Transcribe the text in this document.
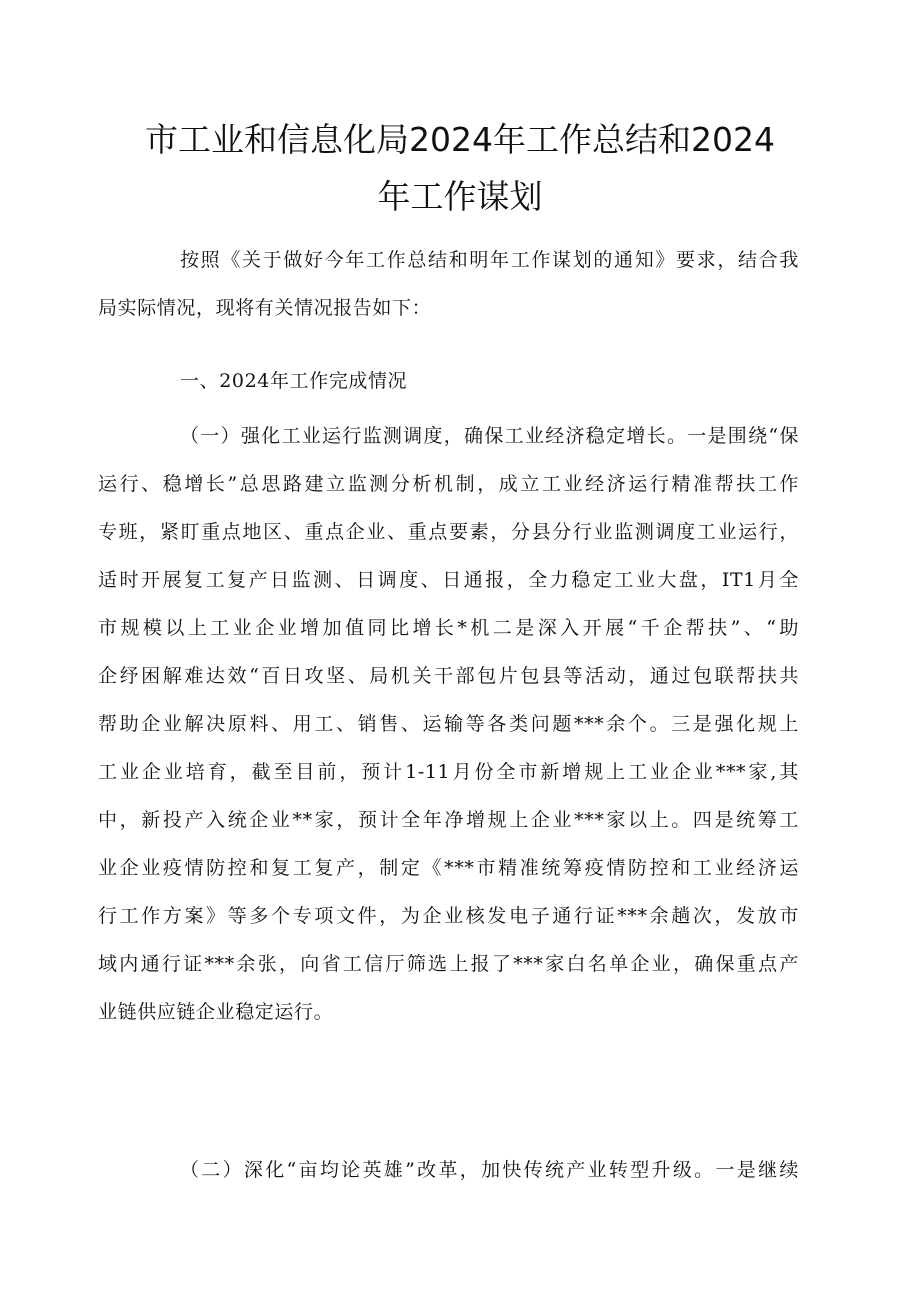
市工业和信息化局2024年工作总结和2024
年工作谋划
按照《关于做好今年工作总结和明年工作谋划的通知》要求，结合我
局实际情况，现将有关情况报告如下：
一、2024年工作完成情况
（一）强化工业运行监测调度，确保工业经济稳定增长。一是围绕“保
运行、稳增长”总思路建立监测分析机制，成立工业经济运行精准帮扶工作
专班，紧盯重点地区、重点企业、重点要素，分县分行业监测调度工业运行，
适时开展复工复产日监测、日调度、日通报，全力稳定工业大盘，IT1月全
市规模以上工业企业增加值同比增长*机二是深入开展“千企帮扶”、“助
企纾困解难达效“百日攻坚、局机关干部包片包县等活动，通过包联帮扶共
帮助企业解决原料、用工、销售、运输等各类问题***余个。三是强化规上
工业企业培育，截至目前，预计1-11月份全市新增规上工业企业***家,其
中，新投产入统企业**家，预计全年净增规上企业***家以上。四是统筹工
业企业疫情防控和复工复产，制定《***市精准统筹疫情防控和工业经济运
行工作方案》等多个专项文件，为企业核发电子通行证***余趟次，发放市
域内通行证***余张，向省工信厅筛选上报了***家白名单企业，确保重点产
业链供应链企业稳定运行。
（二）深化“亩均论英雄”改革，加快传统产业转型升级。一是继续
